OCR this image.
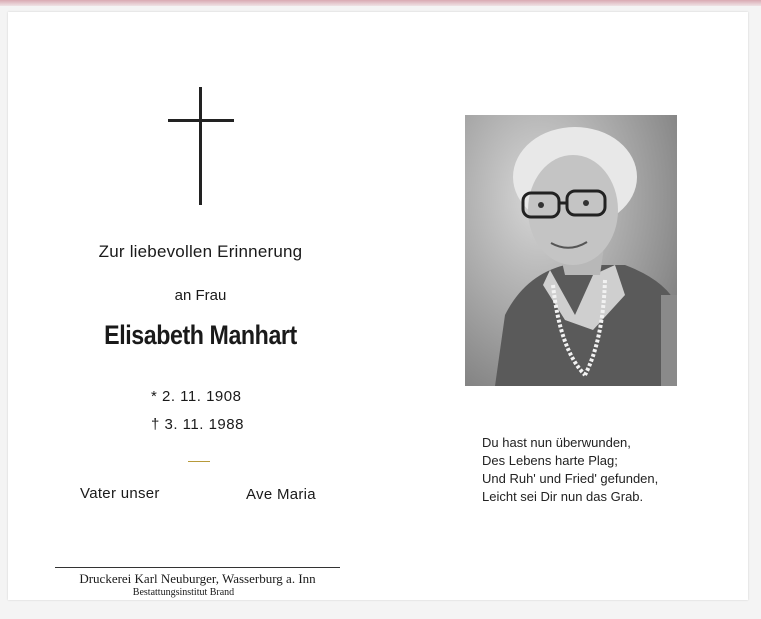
Zur liebevollen Erinnerung
an Frau
Elisabeth Manhart
* 2. 11. 1908
† 3. 11. 1988
Vater unser	Ave Maria
Druckerei Karl Neuburger, Wasserburg a. Inn
Bestattungsinstitut Brand
Du hast nun überwunden,
Des Lebens harte Plag;
Und Ruh' und Fried' gefunden,
Leicht sei Dir nun das Grab.
